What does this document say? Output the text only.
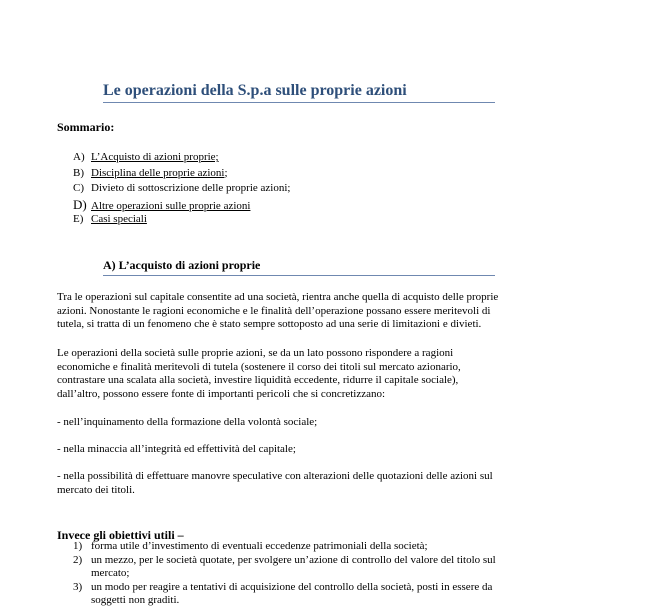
Le operazioni della S.p.a sulle proprie azioni
Sommario:
A) L’Acquisto di azioni proprie;
B) Disciplina delle proprie azioni;
C) Divieto di sottoscrizione delle proprie azioni;
D) Altre operazioni sulle proprie azioni
E) Casi speciali
A) L’acquisto di azioni proprie
Tra le operazioni sul capitale consentite ad una società, rientra anche quella di acquisto delle proprie
azioni. Nonostante le ragioni economiche e le finalità dell’operazione possano essere meritevoli di
tutela, si tratta di un fenomeno che è stato sempre sottoposto ad una serie di limitazioni e divieti.
Le operazioni della società sulle proprie azioni, se da un lato possono rispondere a ragioni
economiche e finalità meritevoli di tutela (sostenere il corso dei titoli sul mercato azionario,
contrastare una scalata alla società, investire liquidità eccedente, ridurre il capitale sociale),
dall’altro, possono essere fonte di importanti pericoli che si concretizzano:
- nell’inquinamento della formazione della volontà sociale;
- nella minaccia all’integrità ed effettività del capitale;
- nella possibilità di effettuare manovre speculative con alterazioni delle quotazioni delle azioni sul
mercato dei titoli.
Invece gli obiettivi utili –
1) forma utile d’investimento di eventuali eccedenze patrimoniali della società;
2) un mezzo, per le società quotate, per svolgere un’azione di controllo del valore del titolo sul
mercato;
3) un modo per reagire a tentativi di acquisizione del controllo della società, posti in essere da
soggetti non graditi.
